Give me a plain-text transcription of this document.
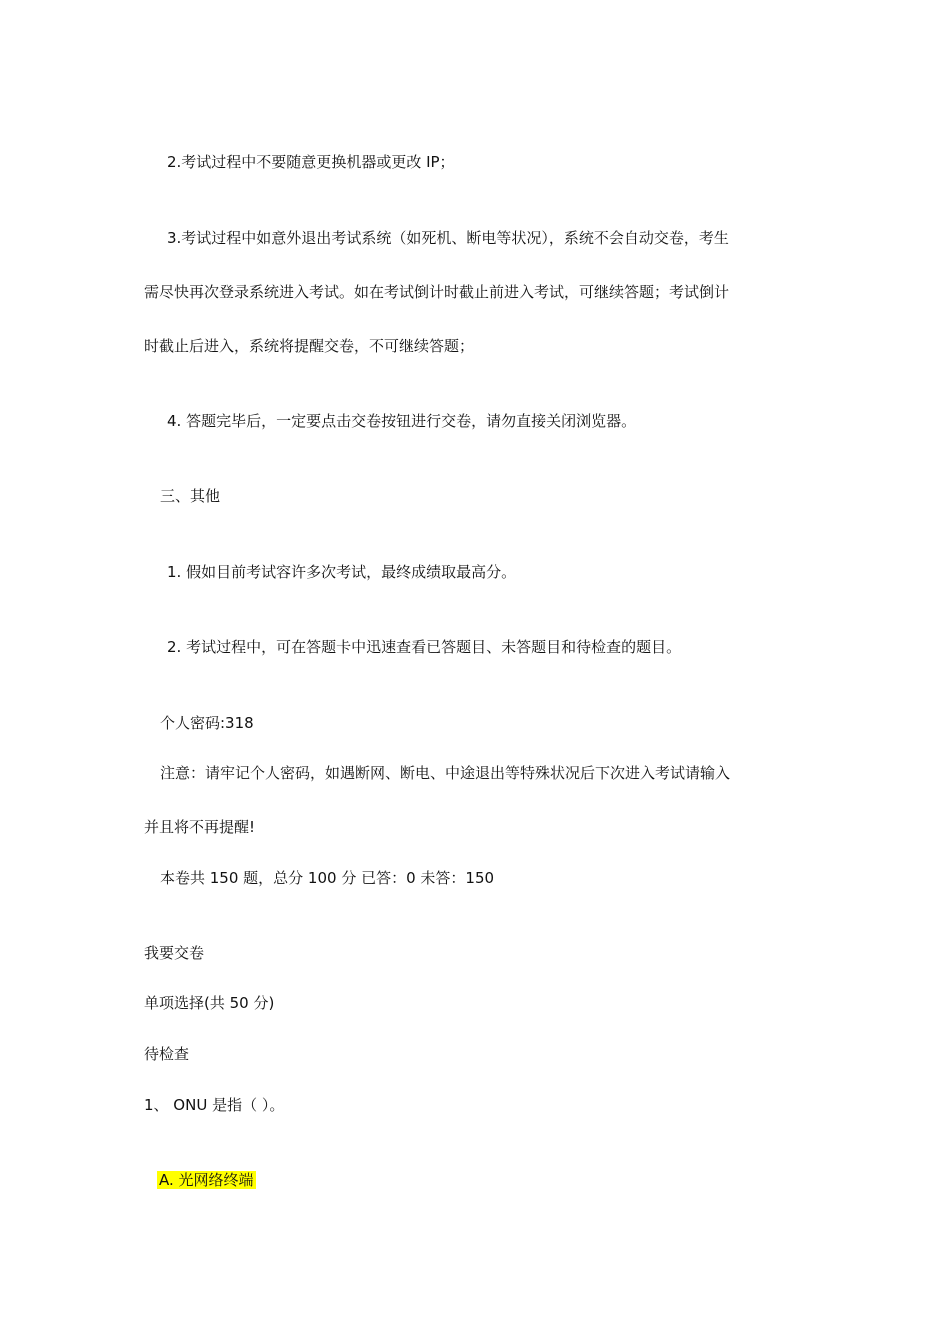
2.考试过程中不要随意更换机器或更改 IP；
3.考试过程中如意外退出考试系统（如死机、断电等状况），系统不会自动交卷，考生
需尽快再次登录系统进入考试。如在考试倒计时截止前进入考试，可继续答题；考试倒计
时截止后进入，系统将提醒交卷，不可继续答题；
4. 答题完毕后，一定要点击交卷按钮进行交卷，请勿直接关闭浏览器。
三、其他
1. 假如目前考试容许多次考试，最终成绩取最高分。
2. 考试过程中，可在答题卡中迅速查看已答题目、未答题目和待检查的题目。
个人密码:318
注意：请牢记个人密码，如遇断网、断电、中途退出等特殊状况后下次进入考试请输入
并且将不再提醒!
本卷共 150 题，总分 100 分 已答：0 未答：150
我要交卷
单项选择(共 50 分)
待检查
1、 ONU 是指（ ）。
A. 光网络终端
